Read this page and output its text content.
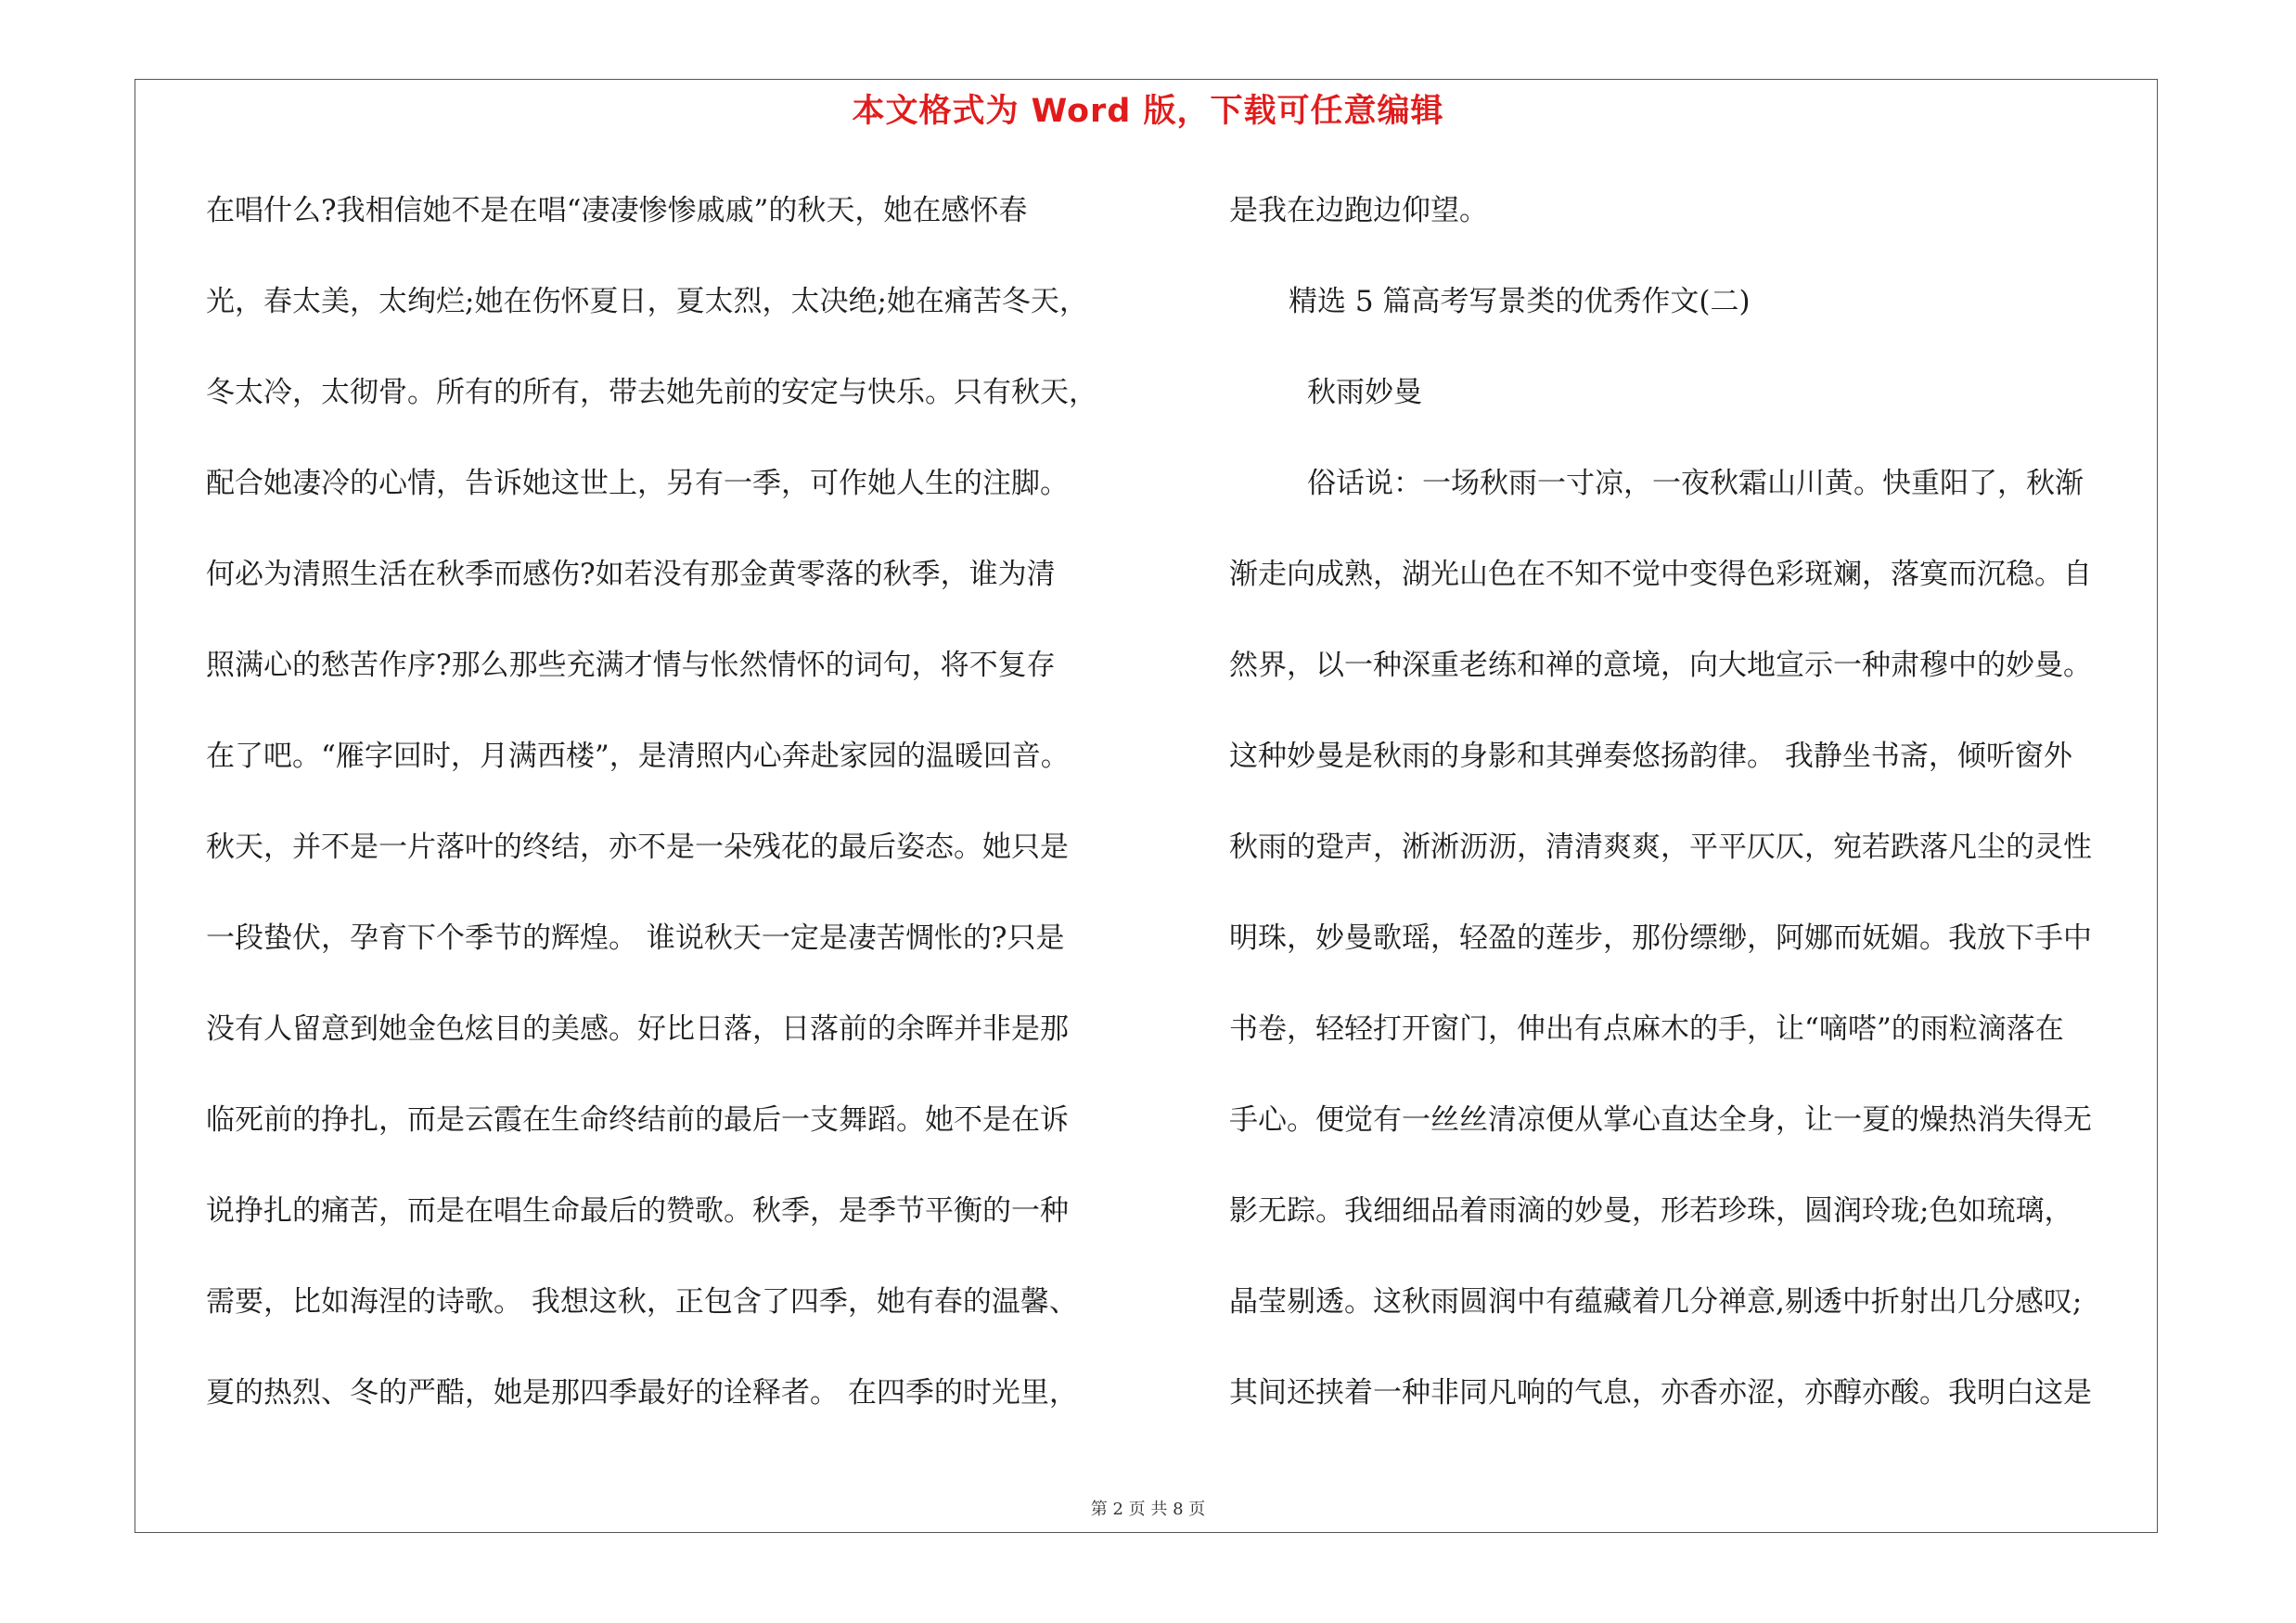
本文格式为 Word 版，下载可任意编辑
在唱什么?我相信她不是在唱“凄凄惨惨戚戚”的秋天，她在感怀春
光，春太美，太绚烂;她在伤怀夏日，夏太烈，太决绝;她在痛苦冬天，
冬太冷，太彻骨。所有的所有，带去她先前的安定与快乐。只有秋天，
配合她凄冷的心情，告诉她这世上，另有一季，可作她人生的注脚。
何必为清照生活在秋季而感伤?如若没有那金黄零落的秋季，谁为清
照满心的愁苦作序?那么那些充满才情与怅然情怀的词句，将不复存
在了吧。“雁字回时，月满西楼”，是清照内心奔赴家园的温暖回音。
秋天，并不是一片落叶的终结，亦不是一朵残花的最后姿态。她只是
一段蛰伏，孕育下个季节的辉煌。 谁说秋天一定是凄苦惆怅的?只是
没有人留意到她金色炫目的美感。好比日落，日落前的余晖并非是那
临死前的挣扎，而是云霞在生命终结前的最后一支舞蹈。她不是在诉
说挣扎的痛苦，而是在唱生命最后的赞歌。秋季，是季节平衡的一种
需要，比如海涅的诗歌。 我想这秋，正包含了四季，她有春的温馨、
夏的热烈、冬的严酷，她是那四季最好的诠释者。 在四季的时光里，
是我在边跑边仰望。
精选 5 篇高考写景类的优秀作文(二)
秋雨妙曼
俗话说：一场秋雨一寸凉，一夜秋霜山川黄。快重阳了，秋渐
渐走向成熟，湖光山色在不知不觉中变得色彩斑斓，落寞而沉稳。自
然界，以一种深重老练和禅的意境，向大地宣示一种肃穆中的妙曼。
这种妙曼是秋雨的身影和其弹奏悠扬韵律。 我静坐书斋，倾听窗外
秋雨的跫声，淅淅沥沥，清清爽爽，平平仄仄，宛若跌落凡尘的灵性
明珠，妙曼歌瑶，轻盈的莲步，那份缥缈，阿娜而妩媚。我放下手中
书卷，轻轻打开窗门，伸出有点麻木的手，让“嘀嗒”的雨粒滴落在
手心。便觉有一丝丝清凉便从掌心直达全身，让一夏的燥热消失得无
影无踪。我细细品着雨滴的妙曼，形若珍珠，圆润玲珑;色如琉璃，
晶莹剔透。这秋雨圆润中有蕴藏着几分禅意,剔透中折射出几分感叹;
其间还挟着一种非同凡响的气息，亦香亦涩，亦醇亦酸。我明白这是
第 2 页 共 8 页
